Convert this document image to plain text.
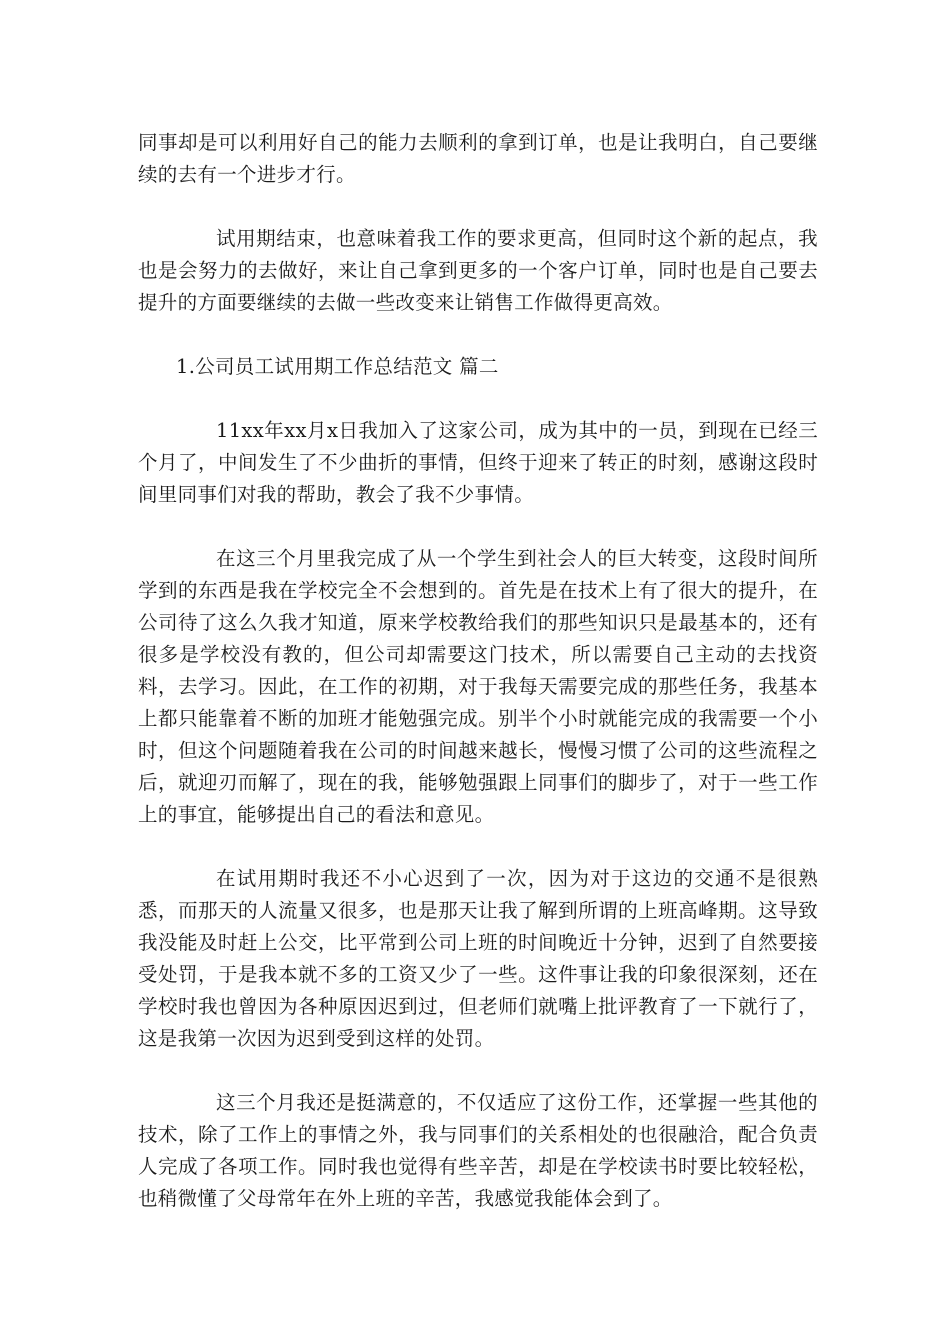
同事却是可以利用好自己的能力去顺利的拿到订单，也是让我明白，自己要继续的去有一个进步才行。

试用期结束，也意味着我工作的要求更高，但同时这个新的起点，我也是会努力的去做好，来让自己拿到更多的一个客户订单，同时也是自己要去提升的方面要继续的去做一些改变来让销售工作做得更高效。

1.公司员工试用期工作总结范文 篇二

11xx年xx月x日我加入了这家公司，成为其中的一员，到现在已经三个月了，中间发生了不少曲折的事情，但终于迎来了转正的时刻，感谢这段时间里同事们对我的帮助，教会了我不少事情。

在这三个月里我完成了从一个学生到社会人的巨大转变，这段时间所学到的东西是我在学校完全不会想到的。首先是在技术上有了很大的提升，在公司待了这么久我才知道，原来学校教给我们的那些知识只是最基本的，还有很多是学校没有教的，但公司却需要这门技术，所以需要自己主动的去找资料，去学习。因此，在工作的初期，对于我每天需要完成的那些任务，我基本上都只能靠着不断的加班才能勉强完成。别半个小时就能完成的我需要一个小时，但这个问题随着我在公司的时间越来越长，慢慢习惯了公司的这些流程之后，就迎刃而解了，现在的我，能够勉强跟上同事们的脚步了，对于一些工作上的事宜，能够提出自己的看法和意见。

在试用期时我还不小心迟到了一次，因为对于这边的交通不是很熟悉，而那天的人流量又很多，也是那天让我了解到所谓的上班高峰期。这导致我没能及时赶上公交，比平常到公司上班的时间晚近十分钟，迟到了自然要接受处罚，于是我本就不多的工资又少了一些。这件事让我的印象很深刻，还在学校时我也曾因为各种原因迟到过，但老师们就嘴上批评教育了一下就行了，这是我第一次因为迟到受到这样的处罚。

这三个月我还是挺满意的，不仅适应了这份工作，还掌握一些其他的技术，除了工作上的事情之外，我与同事们的关系相处的也很融洽，配合负责人完成了各项工作。同时我也觉得有些辛苦，却是在学校读书时要比较轻松，也稍微懂了父母常年在外上班的辛苦，我感觉我能体会到了。
